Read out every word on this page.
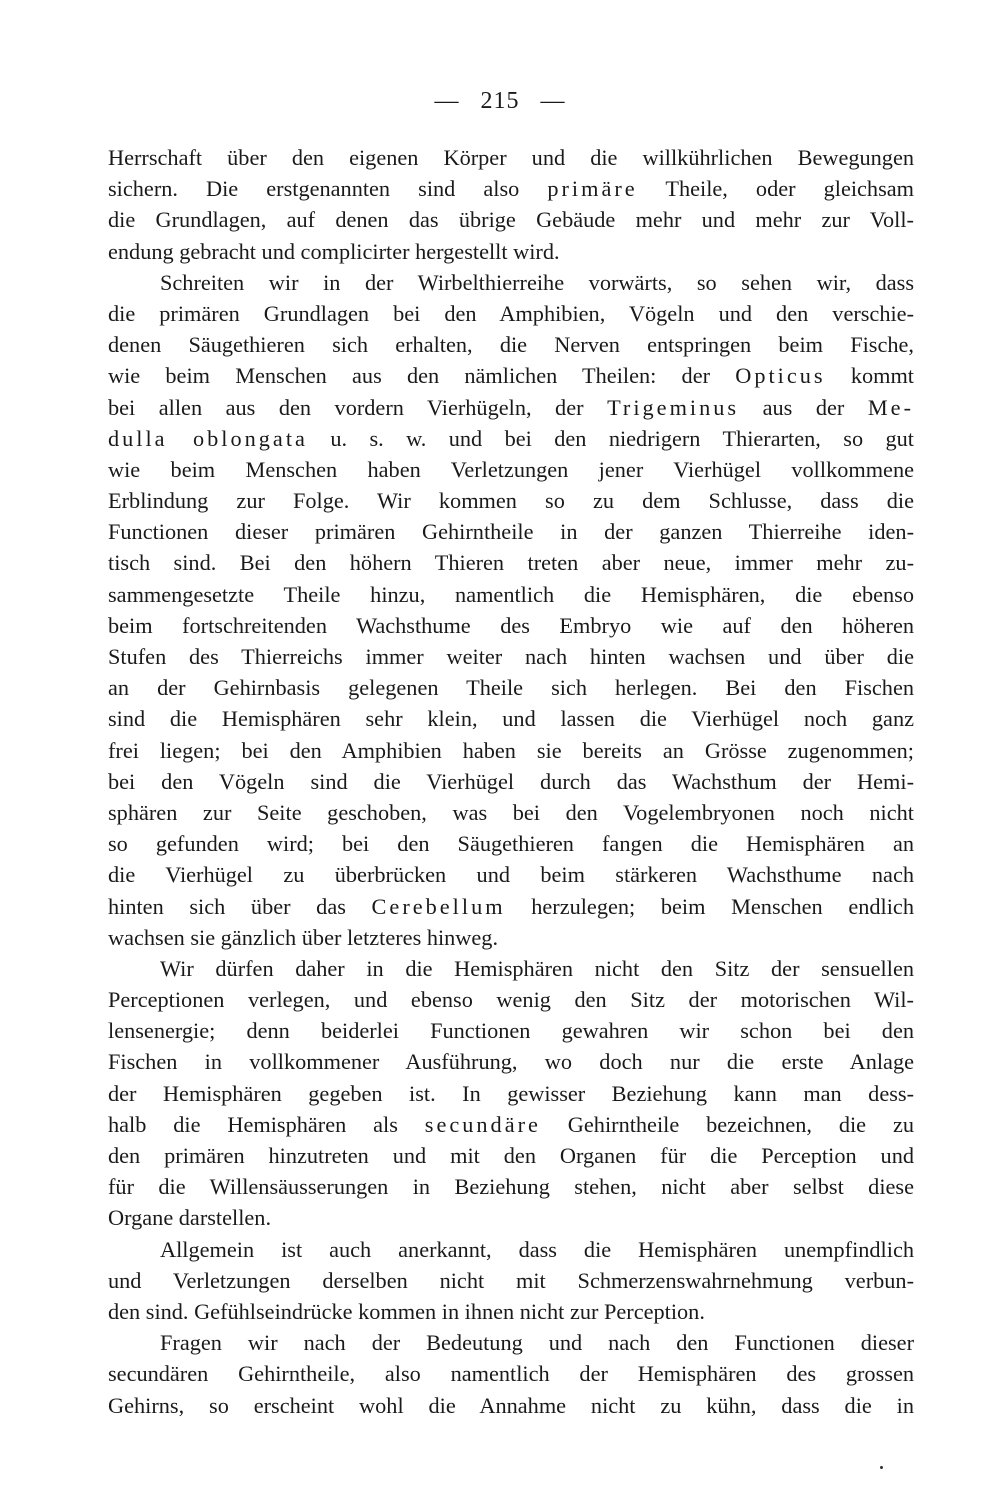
— 215 —
Herrschaft über den eigenen Körper und die willkührlichen Bewegungen
sichern. Die erstgenannten sind also primäre Theile, oder gleichsam
die Grundlagen, auf denen das übrige Gebäude mehr und mehr zur Voll-
endung gebracht und complicirter hergestellt wird.
Schreiten wir in der Wirbelthierreihe vorwärts, so sehen wir, dass
die primären Grundlagen bei den Amphibien, Vögeln und den verschie-
denen Säugethieren sich erhalten, die Nerven entspringen beim Fische,
wie beim Menschen aus den nämlichen Theilen: der Opticus kommt
bei allen aus den vordern Vierhügeln, der Trigeminus aus der Me-
dulla oblongata u. s. w. und bei den niedrigern Thierarten, so gut
wie beim Menschen haben Verletzungen jener Vierhügel vollkommene
Erblindung zur Folge. Wir kommen so zu dem Schlusse, dass die
Functionen dieser primären Gehirntheile in der ganzen Thierreihe iden-
tisch sind. Bei den höhern Thieren treten aber neue, immer mehr zu-
sammengesetzte Theile hinzu, namentlich die Hemisphären, die ebenso
beim fortschreitenden Wachsthume des Embryo wie auf den höheren
Stufen des Thierreichs immer weiter nach hinten wachsen und über die
an der Gehirnbasis gelegenen Theile sich herlegen. Bei den Fischen
sind die Hemisphären sehr klein, und lassen die Vierhügel noch ganz
frei liegen; bei den Amphibien haben sie bereits an Grösse zugenommen;
bei den Vögeln sind die Vierhügel durch das Wachsthum der Hemi-
sphären zur Seite geschoben, was bei den Vogelembryonen noch nicht
so gefunden wird; bei den Säugethieren fangen die Hemisphären an
die Vierhügel zu überbrücken und beim stärkeren Wachsthume nach
hinten sich über das Cerebellum herzulegen; beim Menschen endlich
wachsen sie gänzlich über letzteres hinweg.
Wir dürfen daher in die Hemisphären nicht den Sitz der sensuellen
Perceptionen verlegen, und ebenso wenig den Sitz der motorischen Wil-
lensenergie; denn beiderlei Functionen gewahren wir schon bei den
Fischen in vollkommener Ausführung, wo doch nur die erste Anlage
der Hemisphären gegeben ist. In gewisser Beziehung kann man dess-
halb die Hemisphären als secundäre Gehirntheile bezeichnen, die zu
den primären hinzutreten und mit den Organen für die Perception und
für die Willensäusserungen in Beziehung stehen, nicht aber selbst diese
Organe darstellen.
Allgemein ist auch anerkannt, dass die Hemisphären unempfindlich
und Verletzungen derselben nicht mit Schmerzenswahrnehmung verbun-
den sind. Gefühlseindrücke kommen in ihnen nicht zur Perception.
Fragen wir nach der Bedeutung und nach den Functionen dieser
secundären Gehirntheile, also namentlich der Hemisphären des grossen
Gehirns, so erscheint wohl die Annahme nicht zu kühn, dass die in
